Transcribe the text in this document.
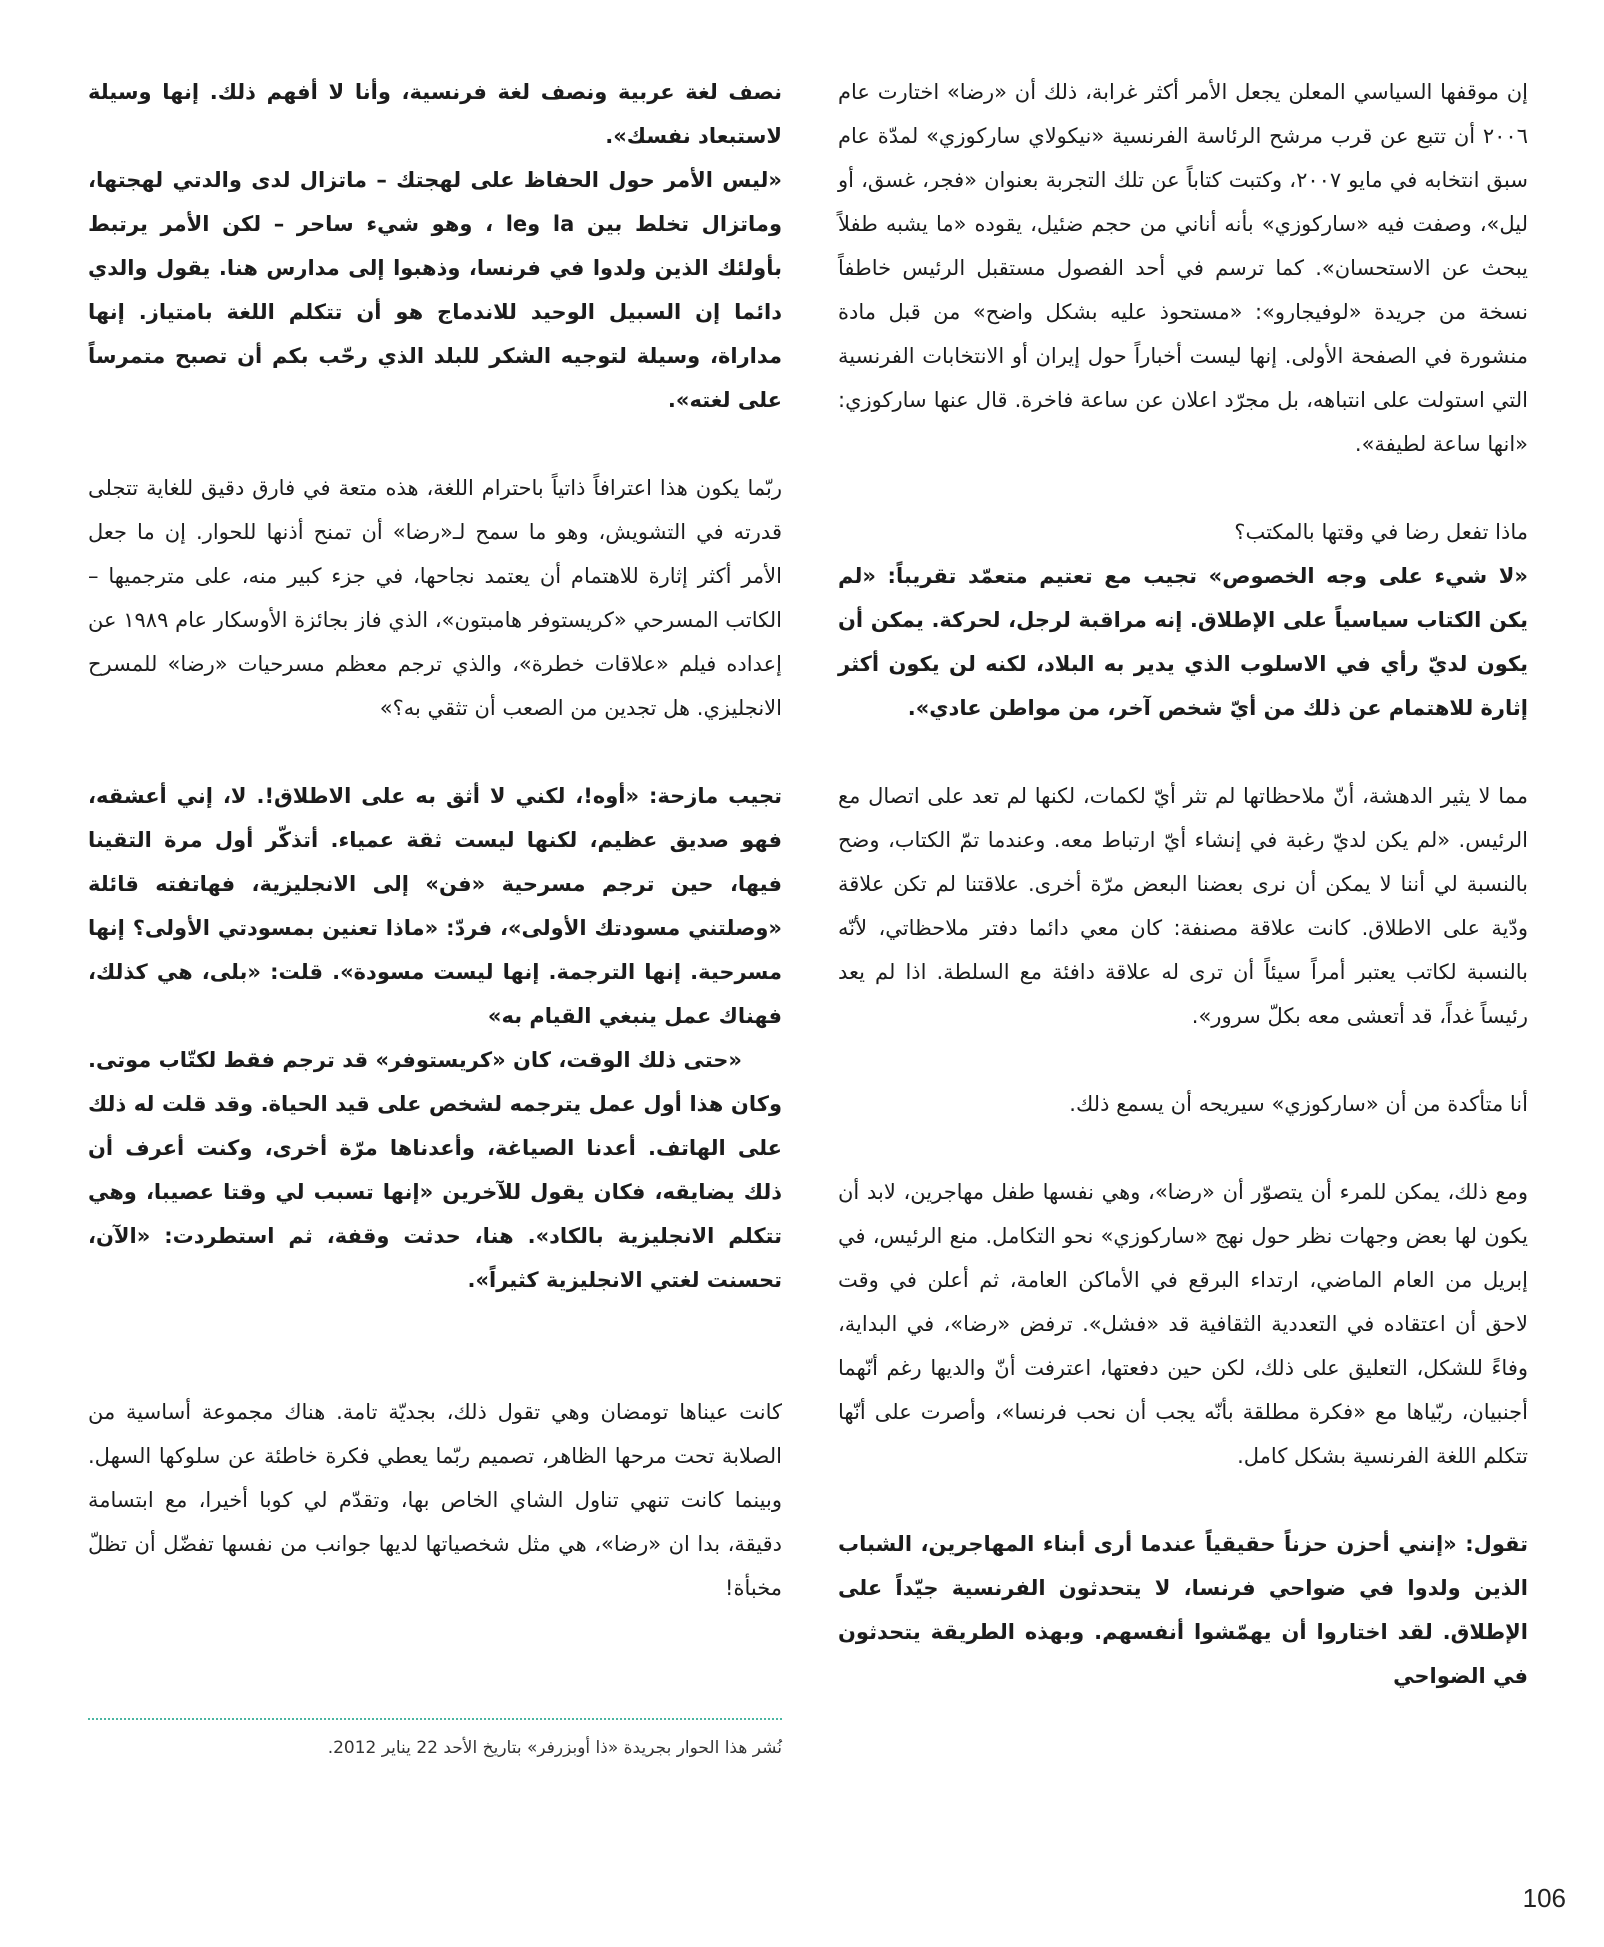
إن موقفها السياسي المعلن يجعل الأمر أكثر غرابة، ذلك أن «رضا» اختارت عام ٢٠٠٦ أن تتبع عن قرب مرشح الرئاسة الفرنسية «نيكولاي ساركوزي» لمدّة عام سبق انتخابه في مايو ٢٠٠٧، وكتبت كتاباً عن تلك التجربة بعنوان «فجر، غسق، أو ليل»، وصفت فيه «ساركوزي» بأنه أناني من حجم ضئيل، يقوده «ما يشبه طفلاً يبحث عن الاستحسان». كما ترسم في أحد الفصول مستقبل الرئيس خاطفاً نسخة من جريدة «لوفيجارو»: «مستحوذ عليه بشكل واضح» من قبل مادة منشورة في الصفحة الأولى. إنها ليست أخباراً حول إيران أو الانتخابات الفرنسية التي استولت على انتباهه، بل مجرّد اعلان عن ساعة فاخرة. قال عنها ساركوزي: «انها ساعة لطيفة».

ماذا تفعل رضا في وقتها بالمكتب؟

«لا شيء على وجه الخصوص» تجيب مع تعتيم متعمّد تقريباً: «لم يكن الكتاب سياسياً على الإطلاق. إنه مراقبة لرجل، لحركة. يمكن أن يكون لديّ رأي في الاسلوب الذي يدير به البلاد، لكنه لن يكون أكثر إثارة للاهتمام عن ذلك من أيّ شخص آخر، من مواطن عادي».

مما لا يثير الدهشة، أنّ ملاحظاتها لم تثر أيّ لكمات، لكنها لم تعد على اتصال مع الرئيس. «لم يكن لديّ رغبة في إنشاء أيّ ارتباط معه. وعندما تمّ الكتاب، وضح بالنسبة لي أننا لا يمكن أن نرى بعضنا البعض مرّة أخرى. علاقتنا لم تكن علاقة ودّية على الاطلاق. كانت علاقة مصنفة: كان معي دائما دفتر ملاحظاتي، لأنّه بالنسبة لكاتب يعتبر أمراً سيئاً أن ترى له علاقة دافئة مع السلطة. اذا لم يعد رئيساً غداً، قد أتعشى معه بكلّ سرور».

أنا متأكدة من أن «ساركوزي» سيريحه أن يسمع ذلك.

ومع ذلك، يمكن للمرء أن يتصوّر أن «رضا»، وهي نفسها طفل مهاجرين، لابد أن يكون لها بعض وجهات نظر حول نهج «ساركوزي» نحو التكامل. منع الرئيس، في إبريل من العام الماضي، ارتداء البرقع في الأماكن العامة، ثم أعلن في وقت لاحق أن اعتقاده في التعددية الثقافية قد «فشل». ترفض «رضا»، في البداية، وفاءً للشكل، التعليق على ذلك، لكن حين دفعتها، اعترفت أنّ والديها رغم أنّهما أجنبيان، ربّياها مع «فكرة مطلقة بأنّه يجب أن نحب فرنسا»، وأصرت على أنّها تتكلم اللغة الفرنسية بشكل كامل.

تقول: «إنني أحزن حزناً حقيقياً عندما أرى أبناء المهاجرين، الشباب الذين ولدوا في ضواحي فرنسا، لا يتحدثون الفرنسية جيّداً على الإطلاق. لقد اختاروا أن يهمّشوا أنفسهم. وبهذه الطريقة يتحدثون في الضواحي

نصف لغة عربية ونصف لغة فرنسية، وأنا لا أفهم ذلك. إنها وسيلة لاستبعاد نفسك».

«ليس الأمر حول الحفاظ على لهجتك – ماتزال لدى والدتي لهجتها، وماتزال تخلط بين la وle ، وهو شيء ساحر – لكن الأمر يرتبط بأولئك الذين ولدوا في فرنسا، وذهبوا إلى مدارس هنا. يقول والدي دائما إن السبيل الوحيد للاندماج هو أن تتكلم اللغة بامتياز. إنها مداراة، وسيلة لتوجيه الشكر للبلد الذي رحّب بكم أن تصبح متمرساً على لغته».

ربّما يكون هذا اعترافاً ذاتياً باحترام اللغة، هذه متعة في فارق دقيق للغاية تتجلى قدرته في التشويش، وهو ما سمح لـ«رضا» أن تمنح أذنها للحوار. إن ما جعل الأمر أكثر إثارة للاهتمام أن يعتمد نجاحها، في جزء كبير منه، على مترجميها – الكاتب المسرحي «كريستوفر هامبتون»، الذي فاز بجائزة الأوسكار عام ١٩٨٩ عن إعداده فيلم «علاقات خطرة»، والذي ترجم معظم مسرحيات «رضا» للمسرح الانجليزي. هل تجدين من الصعب أن تثقي به؟»

تجيب مازحة: «أوه!، لكني لا أثق به على الاطلاق!. لا، إني أعشقه، فهو صديق عظيم، لكنها ليست ثقة عمياء. أتذكّر أول مرة التقينا فيها، حين ترجم مسرحية «فن» إلى الانجليزية، فهاتفته قائلة «وصلتني مسودتك الأولى»، فردّ: «ماذا تعنين بمسودتي الأولى؟ إنها مسرحية. إنها الترجمة. إنها ليست مسودة». قلت: «بلى، هي كذلك، فهناك عمل ينبغي القيام به»

«حتى ذلك الوقت، كان «كريستوفر» قد ترجم فقط لكتّاب موتى. وكان هذا أول عمل يترجمه لشخص على قيد الحياة. وقد قلت له ذلك على الهاتف. أعدنا الصياغة، وأعدناها مرّة أخرى، وكنت أعرف أن ذلك يضايقه، فكان يقول للآخرين «إنها تسبب لي وقتا عصيبا، وهي تتكلم الانجليزية بالكاد». هنا، حدثت وقفة، ثم استطردت: «الآن، تحسنت لغتي الانجليزية كثيراً».

كانت عيناها تومضان وهي تقول ذلك، بجديّة تامة. هناك مجموعة أساسية من الصلابة تحت مرحها الظاهر، تصميم ربّما يعطي فكرة خاطئة عن سلوكها السهل. وبينما كانت تنهي تناول الشاي الخاص بها، وتقدّم لي كوبا أخيرا، مع ابتسامة دقيقة، بدا ان «رضا»، هي مثل شخصياتها لديها جوانب من نفسها تفضّل أن تظلّ مخبأة!

نُشر هذا الحوار بجريدة «ذا أوبزرفر» بتاريخ الأحد 22 يناير 2012.
106
